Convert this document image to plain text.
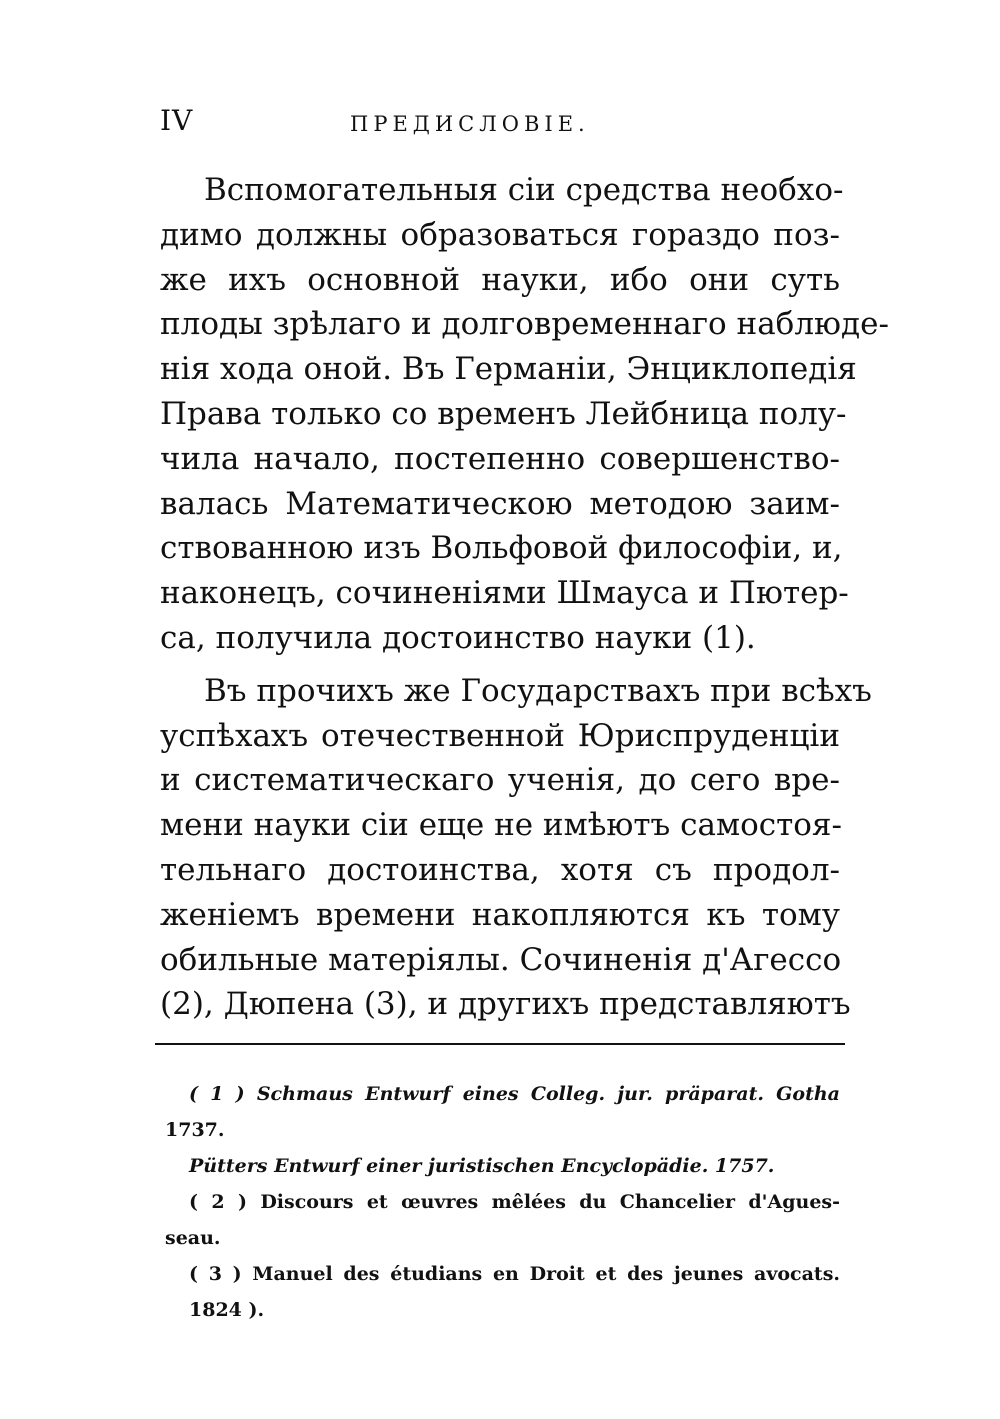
IV	ПРЕДИСЛОВІЕ.
Вспомогательныя сіи средства необхо-
димо должны образоваться гораздо поз-
же ихъ основной науки, ибо они суть
плоды зрѣлаго и долговременнаго наблюде-
нія хода оной. Въ Германіи, Энциклопедія
Права только со временъ Лейбница полу-
чила начало, постепенно совершенство-
валась Математическою методою заим-
ствованною изъ Вольфовой философіи, и,
наконецъ, сочиненіями Шмауса и Пютер-
са, получила достоинство науки (1).
Въ прочихъ же Государствахъ при всѣхъ
успѣхахъ отечественной Юриспруденціи
и систематическаго ученія, до сего вре-
мени науки сіи еще не имѣютъ самостоя-
тельнаго достоинства, хотя съ продол-
женіемъ времени накопляются къ тому
обильные матеріялы. Сочиненія д'Агессо
(2), Дюпена (3), и другихъ представляютъ
( 1 ) Schmaus Entwurf eines Colleg. jur. präparat. Gotha
1737.
Pütters Entwurf einer juristischen Encyclopädie. 1757.
( 2 ) Discours et œuvres mêlées du Chancelier d'Agues-
seau.
( 3 ) Manuel des étudians en Droit et des jeunes avocats.
1824 ).
